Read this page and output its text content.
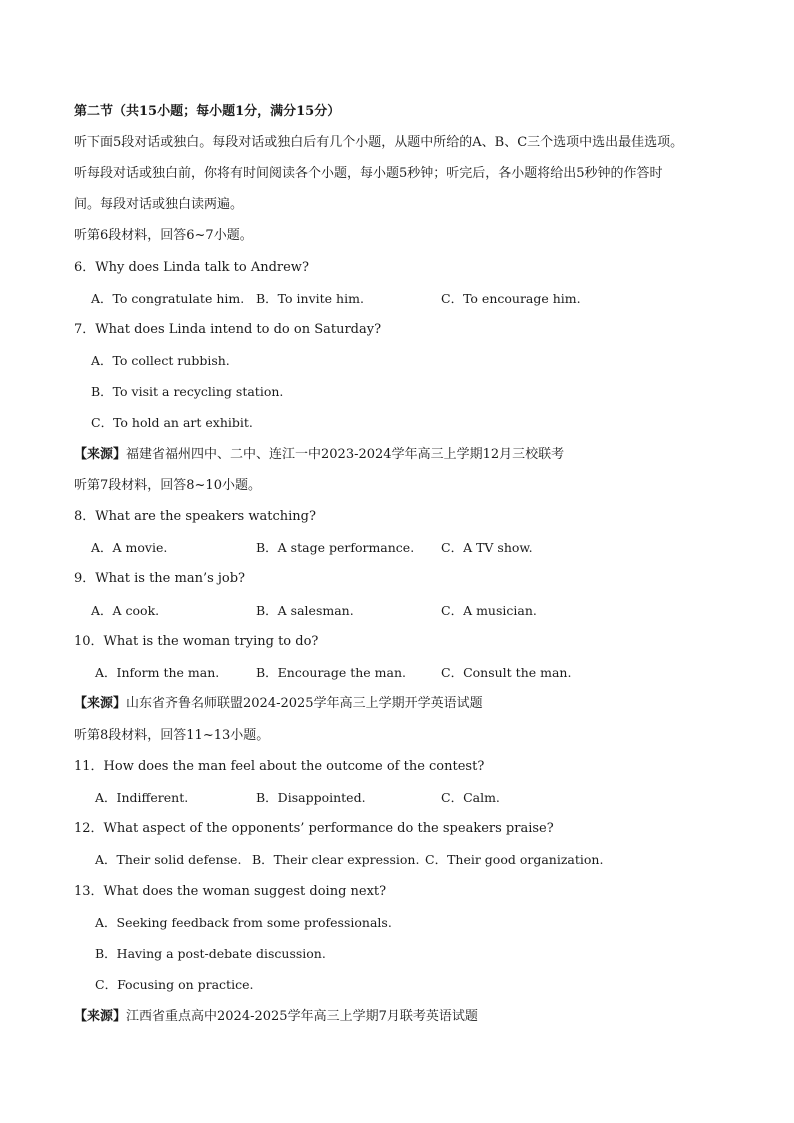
第二节（共15小题；每小题1分，满分15分）
听下面5段对话或独白。每段对话或独白后有几个小题，从题中所给的A、B、C三个选项中选出最佳选项。
听每段对话或独白前，你将有时间阅读各个小题，每小题5秒钟；听完后，各小题将给出5秒钟的作答时
间。每段对话或独白读两遍。
听第6段材料，回答6~7小题。
6．Why does Linda talk to Andrew?
A．To congratulate him. B．To invite him.	C．To encourage him.
7．What does Linda intend to do on Saturday?
A．To collect rubbish.
B．To visit a recycling station.
C．To hold an art exhibit.
【来源】福建省福州四中、二中、连江一中2023-2024学年高三上学期12月三校联考
听第7段材料，回答8~10小题。
8．What are the speakers watching?
A．A movie.	B．A stage performance. C．A TV show.
9．What is the man’s job?
A．A cook.	B．A salesman.	C．A musician.
10．What is the woman trying to do?
A．Inform the man.	B．Encourage the man.	C．Consult the man.
【来源】山东省齐鲁名师联盟2024-2025学年高三上学期开学英语试题
听第8段材料，回答11~13小题。
11．How does the man feel about the outcome of the contest?
A．Indifferent.	B．Disappointed.	C．Calm.
12．What aspect of the opponents’ performance do the speakers praise?
A．Their solid defense. B．Their clear expression. C．Their good organization.
13．What does the woman suggest doing next?
A．Seeking feedback from some professionals.
B．Having a post-debate discussion.
C．Focusing on practice.
【来源】江西省重点高中2024-2025学年高三上学期7月联考英语试题
